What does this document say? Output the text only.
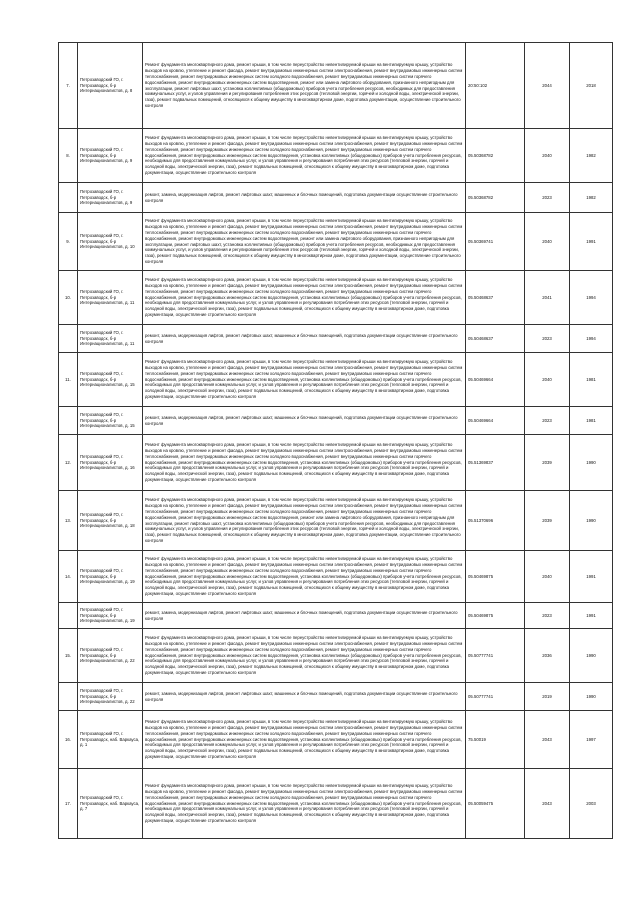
7.	Петрозаводский ГО, г. Петрозаводск, б-р Интернационалистов, д. 8	Ремонт фундамента многоквартирного дома, ремонт крыши, в том числе переустройство невентилируемой крыши на вентилируемую крышу, устройство выходов на кровлю, утепление и ремонт фасада, ремонт внутридомовых инженерных систем электроснабжения, ремонт внутридомовых инженерных систем теплоснабжения, ремонт внутридомовых инженерных систем холодного водоснабжения, ремонт внутридомовых инженерных систем горячего водоснабжения, ремонт внутридомовых инженерных систем водоотведения, ремонт или замена лифтового оборудования, признанного непригодным для эксплуатации, ремонт лифтовых шахт, установка коллективных (общедомовых) приборов учета потребления ресурсов, необходимых для предоставления коммунальных услуг, и узлов управления и регулирования потребления этих ресурсов (тепловой энергии, горячей и холодной воды, электрической энергии, газа), ремонт подвальных помещений, относящихся к общему имуществу в многоквартирном доме, подготовка документации, осуществление строительного контроля	20:50:102	2044	2018
8.	Петрозаводский ГО, г. Петрозаводск, б-р Интернационалистов, д. 9	Ремонт фундамента многоквартирного дома, ремонт крыши, в том числе переустройство невентилируемой крыши на вентилируемую крышу, устройство выходов на кровлю, утепление и ремонт фасада, ремонт внутридомовых инженерных систем электроснабжения, ремонт внутридомовых инженерных систем теплоснабжения, ремонт внутридомовых инженерных систем холодного водоснабжения, ремонт внутридомовых инженерных систем горячего водоснабжения, ремонт внутридомовых инженерных систем водоотведения, установка коллективных (общедомовых) приборов учета потребления ресурсов, необходимых для предоставления коммунальных услуг, и узлов управления и регулирования потребления этих ресурсов (тепловой энергии, горячей и холодной воды, электрической энергии, газа), ремонт подвальных помещений, относящихся к общему имуществу в многоквартирном доме, подготовка документации, осуществление строительного контроля	05.50368782	2040	1982
	Петрозаводский ГО, г. Петрозаводск, б-р Интернационалистов, д. 9	ремонт, замена, модернизация лифтов, ремонт лифтовых шахт, машинных и блочных помещений, подготовка документации осуществление строительного контроля	05.50368782	2023	1982
9.	Петрозаводский ГО, г. Петрозаводск, б-р Интернационалистов, д. 10	Ремонт фундамента многоквартирного дома, ремонт крыши, в том числе переустройство невентилируемой крыши на вентилируемую крышу, устройство выходов на кровлю, утепление и ремонт фасада, ремонт внутридомовых инженерных систем электроснабжения, ремонт внутридомовых инженерных систем теплоснабжения, ремонт внутридомовых инженерных систем холодного водоснабжения, ремонт внутридомовых инженерных систем горячего водоснабжения, ремонт внутридомовых инженерных систем водоотведения, ремонт или замена лифтового оборудования, признанного непригодным для эксплуатации, ремонт лифтовых шахт, установка коллективных (общедомовых) приборов учета потребления ресурсов, необходимых для предоставления коммунальных услуг, и узлов управления и регулирования потребления этих ресурсов (тепловой энергии, горячей и холодной воды, электрической энергии, газа), ремонт подвальных помещений, относящихся к общему имуществу в многоквартирном доме, подготовка документации, осуществление строительного контроля	05.50369741	2040	1991
10.	Петрозаводский ГО, г. Петрозаводск, б-р Интернационалистов, д. 11	Ремонт фундамента многоквартирного дома, ремонт крыши, в том числе переустройство невентилируемой крыши на вентилируемую крышу, устройство выходов на кровлю, утепление и ремонт фасада, ремонт внутридомовых инженерных систем электроснабжения, ремонт внутридомовых инженерных систем теплоснабжения, ремонт внутридомовых инженерных систем холодного водоснабжения, ремонт внутридомовых инженерных систем горячего водоснабжения, ремонт внутридомовых инженерных систем водоотведения, установка коллективных (общедомовых) приборов учета потребления ресурсов, необходимых для предоставления коммунальных услуг, и узлов управления и регулирования потребления этих ресурсов (тепловой энергии, горячей и холодной воды, электрической энергии, газа), ремонт подвальных помещений, относящихся к общему имуществу в многоквартирном доме, подготовка документации, осуществление строительного контроля	05.50468637	2041	1994
	Петрозаводский ГО, г. Петрозаводск, б-р Интернационалистов, д. 11	ремонт, замена, модернизация лифтов, ремонт лифтовых шахт, машинных и блочных помещений, подготовка документации осуществление строительного контроля	05.50468637	2023	1994
11.	Петрозаводский ГО, г. Петрозаводск, б-р Интернационалистов, д. 15	Ремонт фундамента многоквартирного дома, ремонт крыши, в том числе переустройство невентилируемой крыши на вентилируемую крышу, устройство выходов на кровлю, утепление и ремонт фасада, ремонт внутридомовых инженерных систем электроснабжения, ремонт внутридомовых инженерных систем теплоснабжения, ремонт внутридомовых инженерных систем холодного водоснабжения, ремонт внутридомовых инженерных систем горячего водоснабжения, ремонт внутридомовых инженерных систем водоотведения, установка коллективных (общедомовых) приборов учета потребления ресурсов, необходимых для предоставления коммунальных услуг, и узлов управления и регулирования потребления этих ресурсов (тепловой энергии, горячей и холодной воды, электрической энергии, газа), ремонт подвальных помещений, относящихся к общему имуществу в многоквартирном доме, подготовка документации, осуществление строительного контроля	05.50469664	2040	1981
	Петрозаводский ГО, г. Петрозаводск, б-р Интернационалистов, д. 15	ремонт, замена, модернизация лифтов, ремонт лифтовых шахт, машинных и блочных помещений, подготовка документации осуществление строительного контроля	05.50469664	2023	1981
12.	Петрозаводский ГО, г. Петрозаводск, б-р Интернационалистов, д. 16	Ремонт фундамента многоквартирного дома, ремонт крыши, в том числе переустройство невентилируемой крыши на вентилируемую крышу, устройство выходов на кровлю, утепление и ремонт фасада, ремонт внутридомовых инженерных систем электроснабжения, ремонт внутридомовых инженерных систем теплоснабжения, ремонт внутридомовых инженерных систем холодного водоснабжения, ремонт внутридомовых инженерных систем горячего водоснабжения, ремонт внутридомовых инженерных систем водоотведения, установка коллективных (общедомовых) приборов учета потребления ресурсов, необходимых для предоставления коммунальных услуг, и узлов управления и регулирования потребления этих ресурсов (тепловой энергии, горячей и холодной воды, электрической энергии, газа), ремонт подвальных помещений, относящихся к общему имуществу в многоквартирном доме, подготовка документации, осуществление строительного контроля	05.51369837	2039	1990
13.	Петрозаводский ГО, г. Петрозаводск, б-р Интернационалистов, д. 18	Ремонт фундамента многоквартирного дома, ремонт крыши, в том числе переустройство невентилируемой крыши на вентилируемую крышу, устройство выходов на кровлю, утепление и ремонт фасада, ремонт внутридомовых инженерных систем электроснабжения, ремонт внутридомовых инженерных систем теплоснабжения, ремонт внутридомовых инженерных систем холодного водоснабжения, ремонт внутридомовых инженерных систем горячего водоснабжения, ремонт внутридомовых инженерных систем водоотведения, ремонт или замена лифтового оборудования, признанного непригодным для эксплуатации, ремонт лифтовых шахт, установка коллективных (общедомовых) приборов учета потребления ресурсов, необходимых для предоставления коммунальных услуг, и узлов управления и регулирования потребления этих ресурсов (тепловой энергии, горячей и холодной воды, электрической энергии, газа), ремонт подвальных помещений, относящихся к общему имуществу в многоквартирном доме, подготовка документации, осуществление строительного контроля	05.51370696	2039	1990
14.	Петрозаводский ГО, г. Петрозаводск, б-р Интернационалистов, д. 19	Ремонт фундамента многоквартирного дома, ремонт крыши, в том числе переустройство невентилируемой крыши на вентилируемую крышу, устройство выходов на кровлю, утепление и ремонт фасада, ремонт внутридомовых инженерных систем электроснабжения, ремонт внутридомовых инженерных систем теплоснабжения, ремонт внутридомовых инженерных систем холодного водоснабжения, ремонт внутридомовых инженерных систем горячего водоснабжения, ремонт внутридомовых инженерных систем водоотведения, установка коллективных (общедомовых) приборов учета потребления ресурсов, необходимых для предоставления коммунальных услуг, и узлов управления и регулирования потребления этих ресурсов (тепловой энергии, горячей и холодной воды, электрической энергии, газа), ремонт подвальных помещений, относящихся к общему имуществу в многоквартирном доме, подготовка документации, осуществление строительного контроля	05.50469875	2040	1991
	Петрозаводский ГО, г. Петрозаводск, б-р Интернационалистов, д. 19	ремонт, замена, модернизация лифтов, ремонт лифтовых шахт, машинных и блочных помещений, подготовка документации осуществление строительного контроля	05.50469875	2023	1991
15.	Петрозаводский ГО, г. Петрозаводск, б-р Интернационалистов, д. 22	Ремонт фундамента многоквартирного дома, ремонт крыши, в том числе переустройство невентилируемой крыши на вентилируемую крышу, устройство выходов на кровлю, утепление и ремонт фасада, ремонт внутридомовых инженерных систем электроснабжения, ремонт внутридомовых инженерных систем теплоснабжения, ремонт внутридомовых инженерных систем холодного водоснабжения, ремонт внутридомовых инженерных систем горячего водоснабжения, ремонт внутридомовых инженерных систем водоотведения, установка коллективных (общедомовых) приборов учета потребления ресурсов, необходимых для предоставления коммунальных услуг, и узлов управления и регулирования потребления этих ресурсов (тепловой энергии, горячей и холодной воды, электрической энергии, газа), ремонт подвальных помещений, относящихся к общему имуществу в многоквартирном доме, подготовка документации, осуществление строительного контроля	05.50777741	2036	1990
	Петрозаводский ГО, г. Петрозаводск, б-р Интернационалистов, д. 22	ремонт, замена, модернизация лифтов, ремонт лифтовых шахт, машинных и блочных помещений, подготовка документации осуществление строительного контроля	05.50777741	2019	1990
16.	Петрозаводский ГО, г. Петрозаводск, наб. Варкауса, д. 1	Ремонт фундамента многоквартирного дома, ремонт крыши, в том числе переустройство невентилируемой крыши на вентилируемую крышу, устройство выходов на кровлю, утепление и ремонт фасада, ремонт внутридомовых инженерных систем электроснабжения, ремонт внутридомовых инженерных систем теплоснабжения, ремонт внутридомовых инженерных систем холодного водоснабжения, ремонт внутридомовых инженерных систем горячего водоснабжения, ремонт внутридомовых инженерных систем водоотведения, установка коллективных (общедомовых) приборов учета потребления ресурсов, необходимых для предоставления коммунальных услуг, и узлов управления и регулирования потребления этих ресурсов (тепловой энергии, горячей и холодной воды, электрической энергии, газа), ремонт подвальных помещений, относящихся к общему имуществу в многоквартирном доме, подготовка документации, осуществление строительного контроля	75.50019	2043	1997
17.	Петрозаводский ГО, г. Петрозаводск, наб. Варкауса, д. 7	Ремонт фундамента многоквартирного дома, ремонт крыши, в том числе переустройство невентилируемой крыши на вентилируемую крышу, устройство выходов на кровлю, утепление и ремонт фасада, ремонт внутридомовых инженерных систем электроснабжения, ремонт внутридомовых инженерных систем теплоснабжения, ремонт внутридомовых инженерных систем холодного водоснабжения, ремонт внутридомовых инженерных систем горячего водоснабжения, ремонт внутридомовых инженерных систем водоотведения, установка коллективных (общедомовых) приборов учета потребления ресурсов, необходимых для предоставления коммунальных услуг, и узлов управления и регулирования потребления этих ресурсов (тепловой энергии, горячей и холодной воды, электрической энергии, газа), ремонт подвальных помещений, относящихся к общему имуществу в многоквартирном доме, подготовка документации, осуществление строительного контроля	05.50059475	2043	2003
